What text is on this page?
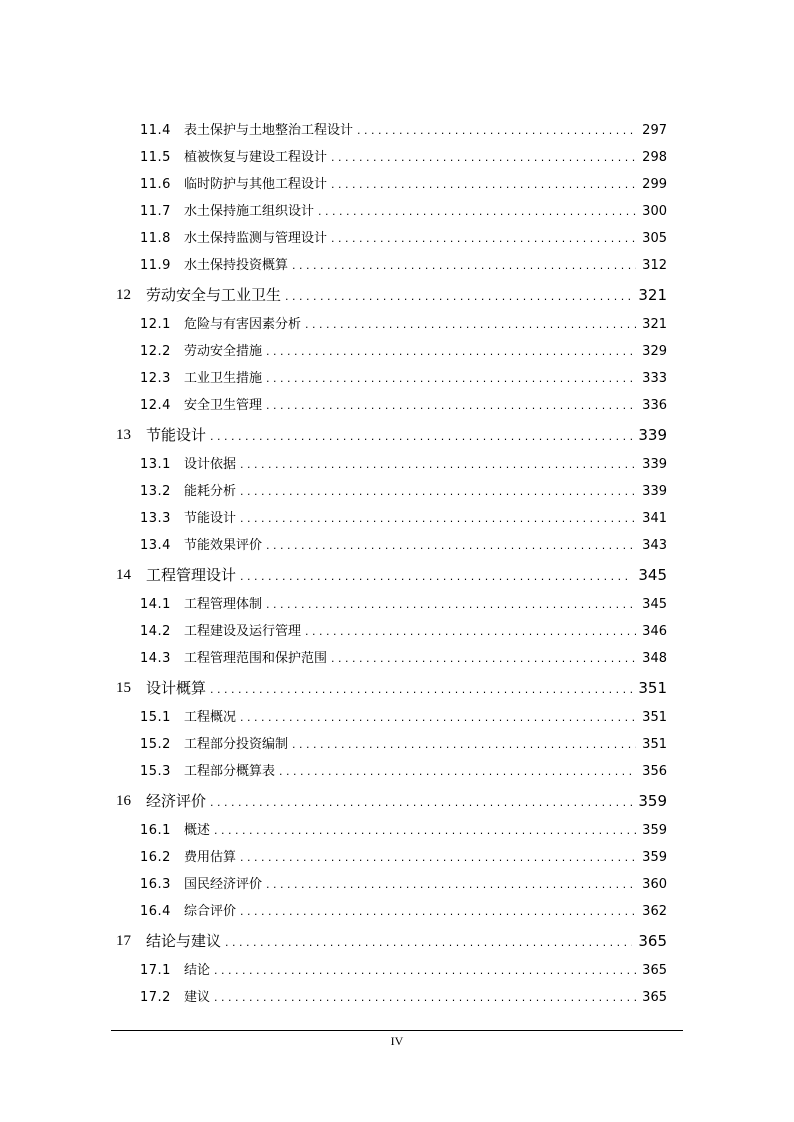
11.4 表土保护与土地整治工程设计 . . .	297
11.5 植被恢复与建设工程设计 . . .	298
11.6 临时防护与其他工程设计 . . .	299
11.7 水土保持施工组织设计 . . .	300
11.8 水土保持监测与管理设计 . . .	305
11.9 水土保持投资概算 . . .	312
12 劳动安全与工业卫生 . . .	321
12.1 危险与有害因素分析 . . .	321
12.2 劳动安全措施 . . .	329
12.3 工业卫生措施 . . .	333
12.4 安全卫生管理 . . .	336
13 节能设计 . . .	339
13.1 设计依据 . . .	339
13.2 能耗分析 . . .	339
13.3 节能设计 . . .	341
13.4 节能效果评价 . . .	343
14 工程管理设计 . . .	345
14.1 工程管理体制 . . .	345
14.2 工程建设及运行管理 . . .	346
14.3 工程管理范围和保护范围 . . .	348
15 设计概算 . . .	351
15.1 工程概况 . . .	351
15.2 工程部分投资编制 . . .	351
15.3 工程部分概算表 . . .	356
16 经济评价 . . .	359
16.1 概述 . . .	359
16.2 费用估算 . . .	359
16.3 国民经济评价 . . .	360
16.4 综合评价 . . .	362
17 结论与建议 . . .	365
17.1 结论 . . .	365
17.2 建议 . . .	365
IV
